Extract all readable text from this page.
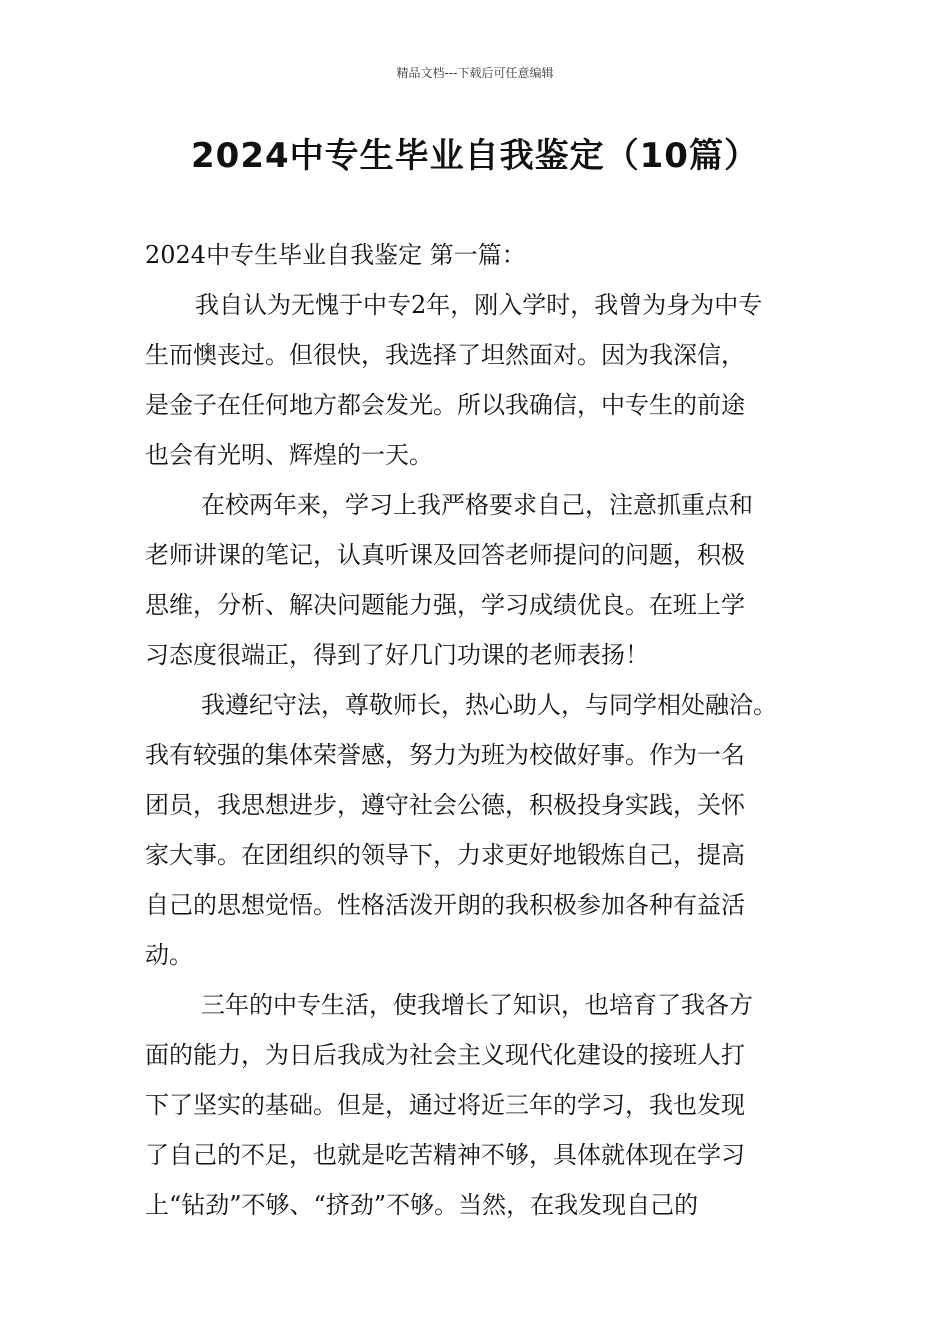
精品文档---下载后可任意编辑
2024中专生毕业自我鉴定（10篇）
2024中专生毕业自我鉴定 第一篇：
我自认为无愧于中专2年，刚入学时，我曾为身为中专
生而懊丧过。但很快，我选择了坦然面对。因为我深信，
是金子在任何地方都会发光。所以我确信，中专生的前途
也会有光明、辉煌的一天。
在校两年来，学习上我严格要求自己，注意抓重点和
老师讲课的笔记，认真听课及回答老师提问的问题，积极
思维，分析、解决问题能力强，学习成绩优良。在班上学
习态度很端正，得到了好几门功课的老师表扬！
我遵纪守法，尊敬师长，热心助人，与同学相处融洽。
我有较强的集体荣誉感，努力为班为校做好事。作为一名
团员，我思想进步，遵守社会公德，积极投身实践，关怀
家大事。在团组织的领导下，力求更好地锻炼自己，提高
自己的思想觉悟。性格活泼开朗的我积极参加各种有益活
动。
三年的中专生活，使我增长了知识，也培育了我各方
面的能力，为日后我成为社会主义现代化建设的接班人打
下了坚实的基础。但是，通过将近三年的学习，我也发现
了自己的不足，也就是吃苦精神不够，具体就体现在学习
上“钻劲”不够、“挤劲”不够。当然，在我发现自己的
